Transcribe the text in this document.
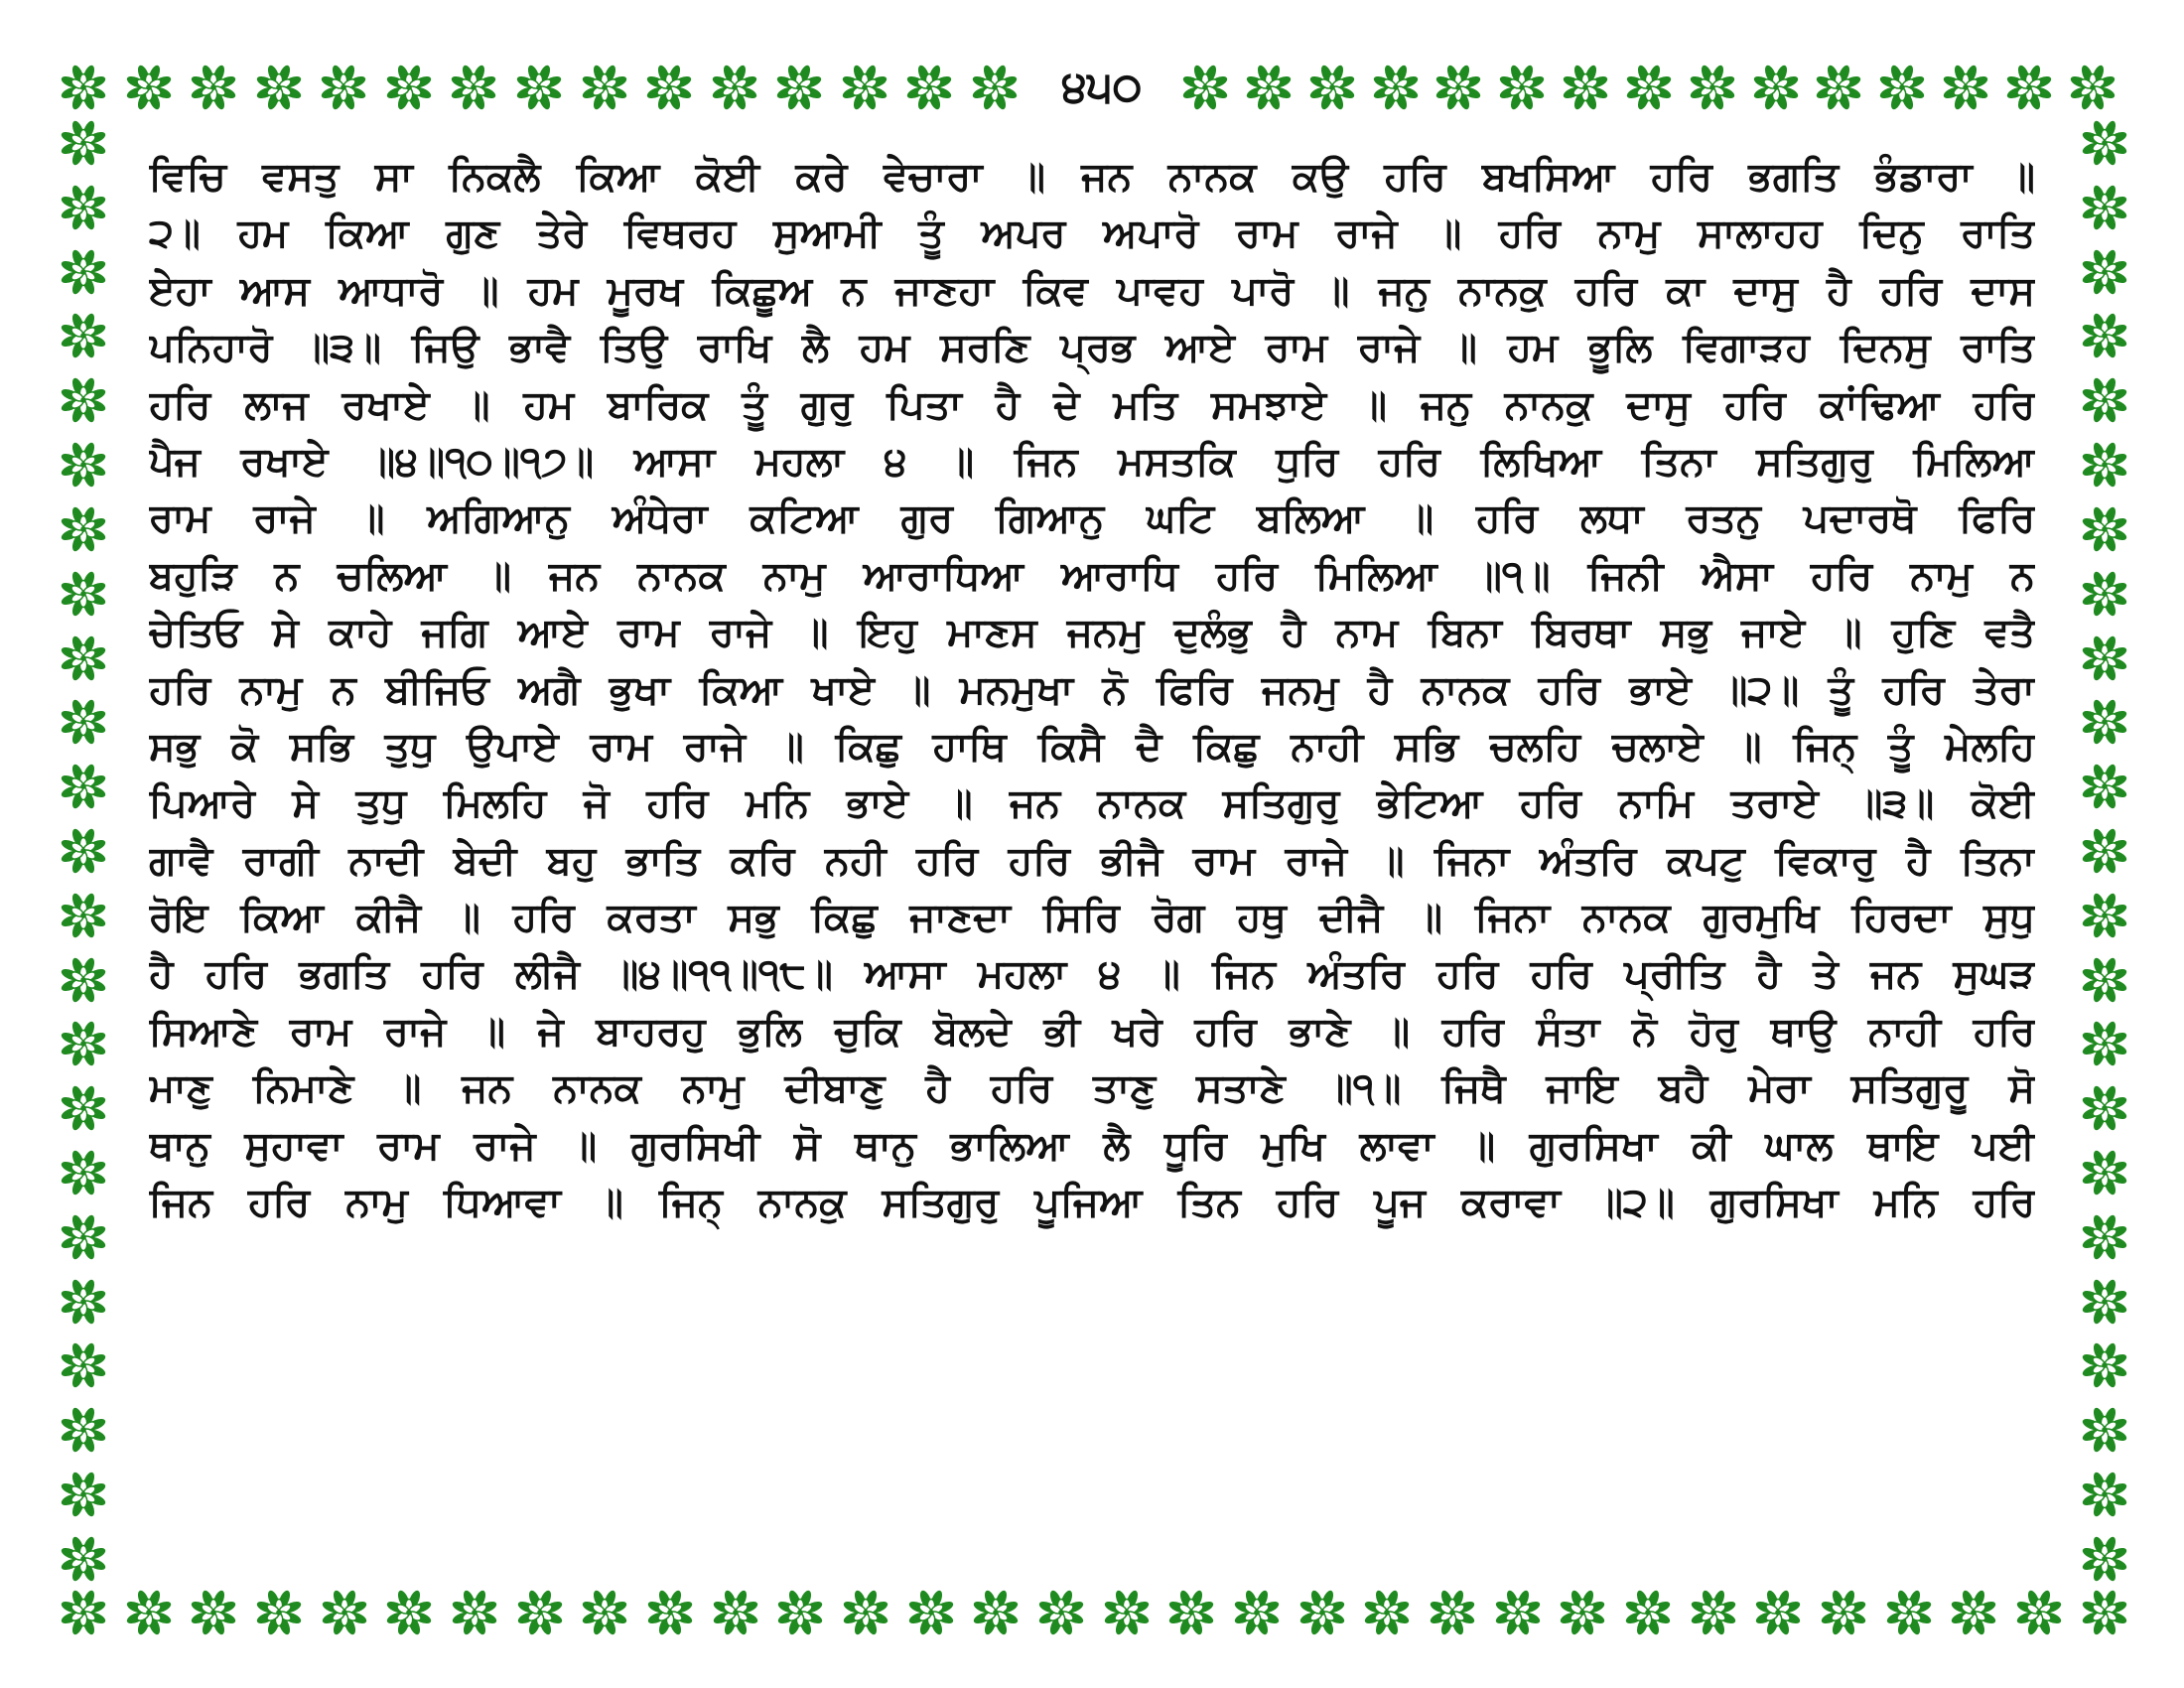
੪੫੦
ਵਿਚਿ ਵਸਤੁ ਸਾ ਨਿਕਲੈ ਕਿਆ ਕੋਈ ਕਰੇ ਵੇਚਾਰਾ ॥ ਜਨ ਨਾਨਕ ਕਉ ਹਰਿ ਬਖਸਿਆ ਹਰਿ ਭਗਤਿ ਭੰਡਾਰਾ ॥
੨॥ ਹਮ ਕਿਆ ਗੁਣ ਤੇਰੇ ਵਿਥਰਹ ਸੁਆਮੀ ਤੂੰ ਅਪਰ ਅਪਾਰੋ ਰਾਮ ਰਾਜੇ ॥ ਹਰਿ ਨਾਮੁ ਸਾਲਾਹਹ ਦਿਨੁ ਰਾਤਿ
ਏਹਾ ਆਸ ਆਧਾਰੋ ॥ ਹਮ ਮੂਰਖ ਕਿਛੂਅ ਨ ਜਾਣਹਾ ਕਿਵ ਪਾਵਹ ਪਾਰੋ ॥ ਜਨੁ ਨਾਨਕੁ ਹਰਿ ਕਾ ਦਾਸੁ ਹੈ ਹਰਿ ਦਾਸ
ਪਨਿਹਾਰੋ ॥੩॥ ਜਿਉ ਭਾਵੈ ਤਿਉ ਰਾਖਿ ਲੈ ਹਮ ਸਰਣਿ ਪ੍ਰਭ ਆਏ ਰਾਮ ਰਾਜੇ ॥ ਹਮ ਭੂਲਿ ਵਿਗਾੜਹ ਦਿਨਸੁ ਰਾਤਿ
ਹਰਿ ਲਾਜ ਰਖਾਏ ॥ ਹਮ ਬਾਰਿਕ ਤੂੰ ਗੁਰੁ ਪਿਤਾ ਹੈ ਦੇ ਮਤਿ ਸਮਝਾਏ ॥ ਜਨੁ ਨਾਨਕੁ ਦਾਸੁ ਹਰਿ ਕਾਂਢਿਆ ਹਰਿ
ਪੈਜ ਰਖਾਏ ॥੪॥੧੦॥੧੭॥ ਆਸਾ ਮਹਲਾ ੪ ॥ ਜਿਨ ਮਸਤਕਿ ਧੁਰਿ ਹਰਿ ਲਿਖਿਆ ਤਿਨਾ ਸਤਿਗੁਰੁ ਮਿਲਿਆ
ਰਾਮ ਰਾਜੇ ॥ ਅਗਿਆਨੁ ਅੰਧੇਰਾ ਕਟਿਆ ਗੁਰ ਗਿਆਨੁ ਘਟਿ ਬਲਿਆ ॥ ਹਰਿ ਲਧਾ ਰਤਨੁ ਪਦਾਰਥੋ ਫਿਰਿ
ਬਹੁੜਿ ਨ ਚਲਿਆ ॥ ਜਨ ਨਾਨਕ ਨਾਮੁ ਆਰਾਧਿਆ ਆਰਾਧਿ ਹਰਿ ਮਿਲਿਆ ॥੧॥ ਜਿਨੀ ਐਸਾ ਹਰਿ ਨਾਮੁ ਨ
ਚੇਤਿਓ ਸੇ ਕਾਹੇ ਜਗਿ ਆਏ ਰਾਮ ਰਾਜੇ ॥ ਇਹੁ ਮਾਣਸ ਜਨਮੁ ਦੁਲੰਭੁ ਹੈ ਨਾਮ ਬਿਨਾ ਬਿਰਥਾ ਸਭੁ ਜਾਏ ॥ ਹੁਣਿ ਵਤੈ
ਹਰਿ ਨਾਮੁ ਨ ਬੀਜਿਓ ਅਗੈ ਭੁਖਾ ਕਿਆ ਖਾਏ ॥ ਮਨਮੁਖਾ ਨੋ ਫਿਰਿ ਜਨਮੁ ਹੈ ਨਾਨਕ ਹਰਿ ਭਾਏ ॥੨॥ ਤੂੰ ਹਰਿ ਤੇਰਾ
ਸਭੁ ਕੋ ਸਭਿ ਤੁਧੁ ਉਪਾਏ ਰਾਮ ਰਾਜੇ ॥ ਕਿਛੁ ਹਾਥਿ ਕਿਸੈ ਦੈ ਕਿਛੁ ਨਾਹੀ ਸਭਿ ਚਲਹਿ ਚਲਾਏ ॥ ਜਿਨ੍ ਤੂੰ ਮੇਲਹਿ
ਪਿਆਰੇ ਸੇ ਤੁਧੁ ਮਿਲਹਿ ਜੋ ਹਰਿ ਮਨਿ ਭਾਏ ॥ ਜਨ ਨਾਨਕ ਸਤਿਗੁਰੁ ਭੇਟਿਆ ਹਰਿ ਨਾਮਿ ਤਰਾਏ ॥੩॥ ਕੋਈ
ਗਾਵੈ ਰਾਗੀ ਨਾਦੀ ਬੇਦੀ ਬਹੁ ਭਾਤਿ ਕਰਿ ਨਹੀ ਹਰਿ ਹਰਿ ਭੀਜੈ ਰਾਮ ਰਾਜੇ ॥ ਜਿਨਾ ਅੰਤਰਿ ਕਪਟੁ ਵਿਕਾਰੁ ਹੈ ਤਿਨਾ
ਰੋਇ ਕਿਆ ਕੀਜੈ ॥ ਹਰਿ ਕਰਤਾ ਸਭੁ ਕਿਛੁ ਜਾਣਦਾ ਸਿਰਿ ਰੋਗ ਹਥੁ ਦੀਜੈ ॥ ਜਿਨਾ ਨਾਨਕ ਗੁਰਮੁਖਿ ਹਿਰਦਾ ਸੁਧੁ
ਹੈ ਹਰਿ ਭਗਤਿ ਹਰਿ ਲੀਜੈ ॥੪॥੧੧॥੧੮॥ ਆਸਾ ਮਹਲਾ ੪ ॥ ਜਿਨ ਅੰਤਰਿ ਹਰਿ ਹਰਿ ਪ੍ਰੀਤਿ ਹੈ ਤੇ ਜਨ ਸੁਘੜ
ਸਿਆਣੇ ਰਾਮ ਰਾਜੇ ॥ ਜੇ ਬਾਹਰਹੁ ਭੁਲਿ ਚੁਕਿ ਬੋਲਦੇ ਭੀ ਖਰੇ ਹਰਿ ਭਾਣੇ ॥ ਹਰਿ ਸੰਤਾ ਨੋ ਹੋਰੁ ਥਾਉ ਨਾਹੀ ਹਰਿ
ਮਾਣੁ ਨਿਮਾਣੇ ॥ ਜਨ ਨਾਨਕ ਨਾਮੁ ਦੀਬਾਣੁ ਹੈ ਹਰਿ ਤਾਣੁ ਸਤਾਣੇ ॥੧॥ ਜਿਥੈ ਜਾਇ ਬਹੈ ਮੇਰਾ ਸਤਿਗੁਰੂ ਸੋ
ਥਾਨੁ ਸੁਹਾਵਾ ਰਾਮ ਰਾਜੇ ॥ ਗੁਰਸਿਖੀ ਸੋ ਥਾਨੁ ਭਾਲਿਆ ਲੈ ਧੂਰਿ ਮੁਖਿ ਲਾਵਾ ॥ ਗੁਰਸਿਖਾ ਕੀ ਘਾਲ ਥਾਇ ਪਈ
ਜਿਨ ਹਰਿ ਨਾਮੁ ਧਿਆਵਾ ॥ ਜਿਨ੍ ਨਾਨਕੁ ਸਤਿਗੁਰੁ ਪੂਜਿਆ ਤਿਨ ਹਰਿ ਪੂਜ ਕਰਾਵਾ ॥੨॥ ਗੁਰਸਿਖਾ ਮਨਿ ਹਰਿ
